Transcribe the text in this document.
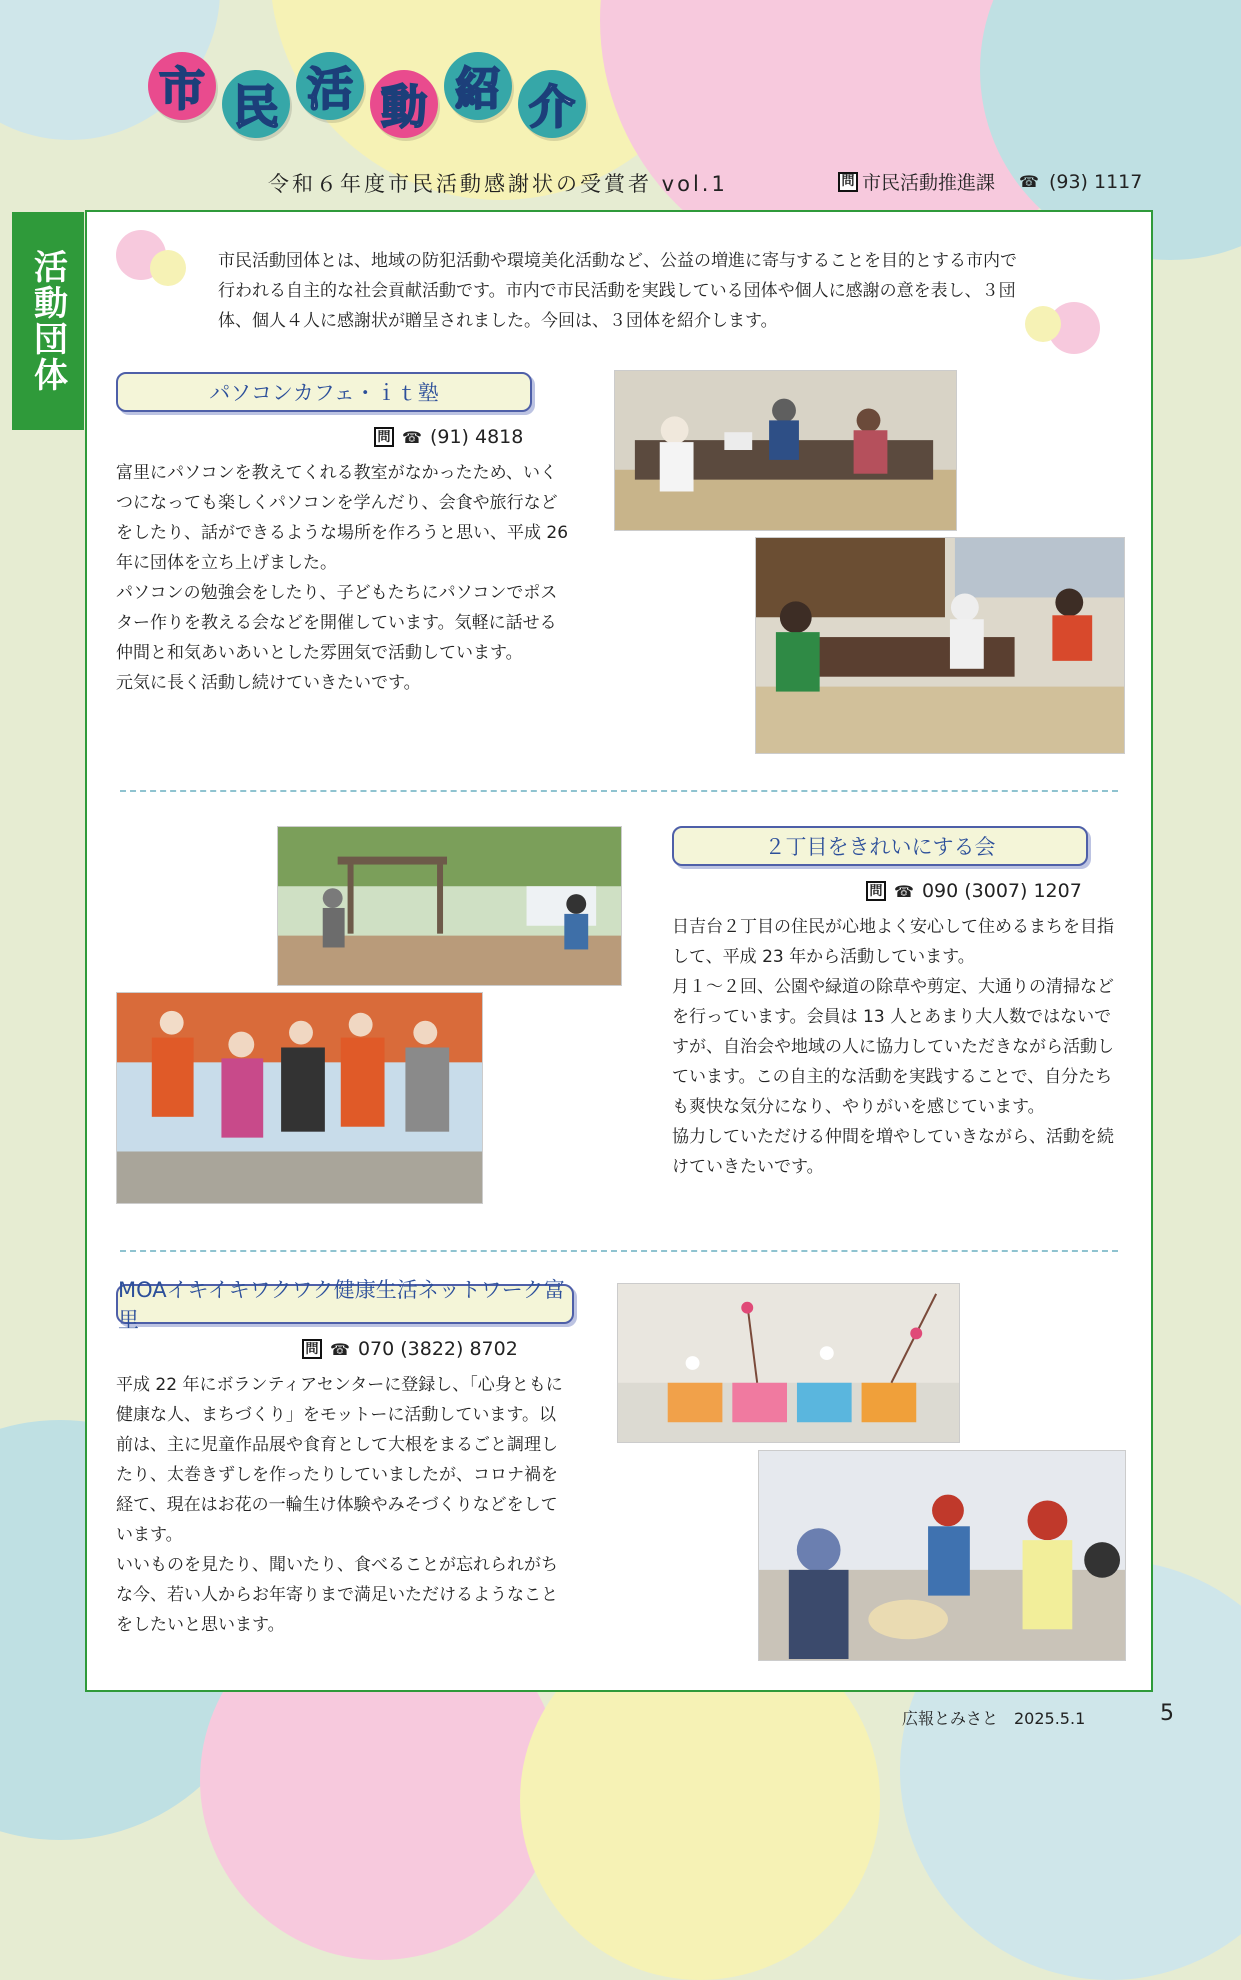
市 民 活 動 紹 介
令和６年度市民活動感謝状の受賞者 vol.1	問 市民活動推進課 ☎ (93) 1117
活動団体	市民活動団体とは、地域の防犯活動や環境美化活動など、公益の増進に寄与することを目的とする市内で行われる自主的な社会貢献活動です。市内で市民活動を実践している団体や個人に感謝の意を表し、３団体、個人４人に感謝状が贈呈されました。今回は、３団体を紹介します。
パソコンカフェ・ｉｔ塾
問 ☎ (91) 4818

富里にパソコンを教えてくれる教室がなかったため、いくつになっても楽しくパソコンを学んだり、会食や旅行などをしたり、話ができるような場所を作ろうと思い、平成 26 年に団体を立ち上げました。

パソコンの勉強会をしたり、子どもたちにパソコンでポスター作りを教える会などを開催しています。気軽に話せる仲間と和気あいあいとした雰囲気で活動しています。

元気に長く活動し続けていきたいです。

２丁目をきれいにする会
問 ☎ 090 (3007) 1207

日吉台２丁目の住民が心地よく安心して住めるまちを目指して、平成 23 年から活動しています。

月１～２回、公園や緑道の除草や剪定、大通りの清掃などを行っています。会員は 13 人とあまり大人数ではないですが、自治会や地域の人に協力していただきながら活動しています。この自主的な活動を実践することで、自分たちも爽快な気分になり、やりがいを感じています。

協力していただける仲間を増やしていきながら、活動を続けていきたいです。

MOAイキイキワクワク健康生活ネットワーク富里
問 ☎ 070 (3822) 8702

平成 22 年にボランティアセンターに登録し、「心身ともに健康な人、まちづくり」をモットーに活動しています。以前は、主に児童作品展や食育として大根をまるごと調理したり、太巻きずしを作ったりしていましたが、コロナ禍を経て、現在はお花の一輪生け体験やみそづくりなどをしています。

いいものを見たり、聞いたり、食べることが忘れられがちな今、若い人からお年寄りまで満足いただけるようなことをしたいと思います。

広報とみさと　2025.5.1	5
